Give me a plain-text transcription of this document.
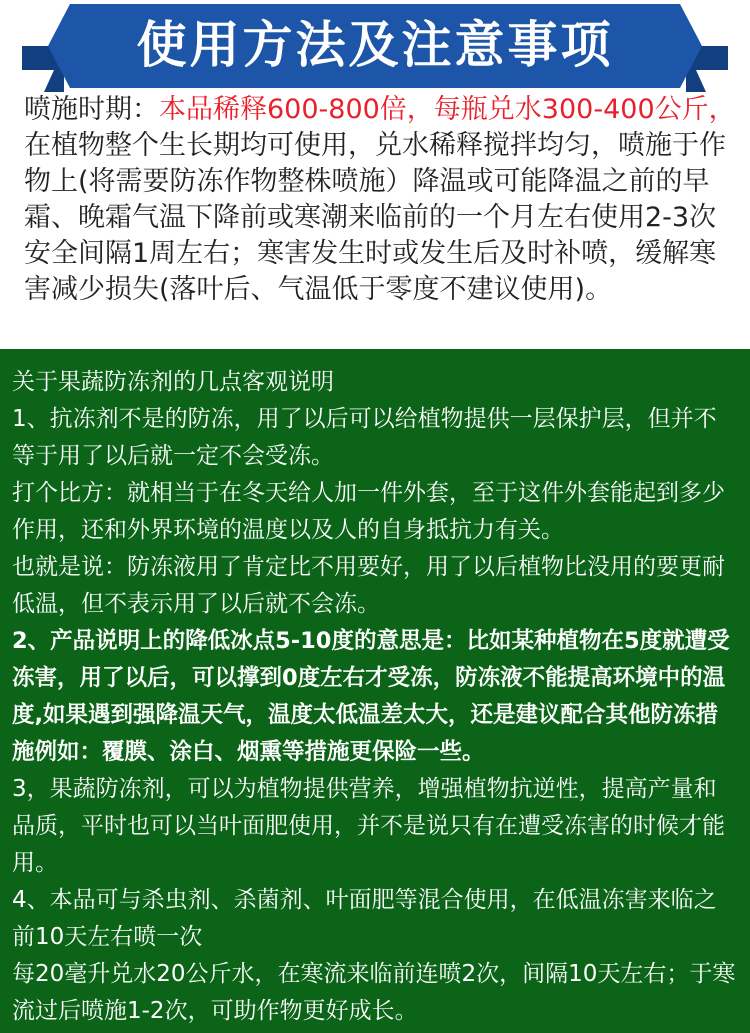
使用方法及注意事项
喷施时期：本品稀释600-800倍，每瓶兑水300-400公斤，在植物整个生长期均可使用，兑水稀释搅拌均匀，喷施于作物上(将需要防冻作物整株喷施）降温或可能降温之前的早霜、晚霜气温下降前或寒潮来临前的一个月左右使用2-3次安全间隔1周左右；寒害发生时或发生后及时补喷，缓解寒害减少损失(落叶后、气温低于零度不建议使用)。

关于果蔬防冻剂的几点客观说明

1、抗冻剂不是的防冻，用了以后可以给植物提供一层保护层，但并不等于用了以后就一定不会受冻。

打个比方：就相当于在冬天给人加一件外套，至于这件外套能起到多少作用，还和外界环境的温度以及人的自身抵抗力有关。

也就是说：防冻液用了肯定比不用要好，用了以后植物比没用的要更耐低温，但不表示用了以后就不会冻。

2、产品说明上的降低冰点5-10度的意思是：比如某种植物在5度就遭受冻害，用了以后，可以撑到0度左右才受冻，防冻液不能提高环境中的温度,如果遇到强降温天气，温度太低温差太大，还是建议配合其他防冻措施例如：覆膜、涂白、烟熏等措施更保险一些。

3，果蔬防冻剂，可以为植物提供营养，增强植物抗逆性，提高产量和品质，平时也可以当叶面肥使用，并不是说只有在遭受冻害的时候才能用。

4、本品可与杀虫剂、杀菌剂、叶面肥等混合使用，在低温冻害来临之前10天左右喷一次

每20毫升兑水20公斤水，在寒流来临前连喷2次，间隔10天左右；于寒流过后喷施1-2次，可助作物更好成长。
